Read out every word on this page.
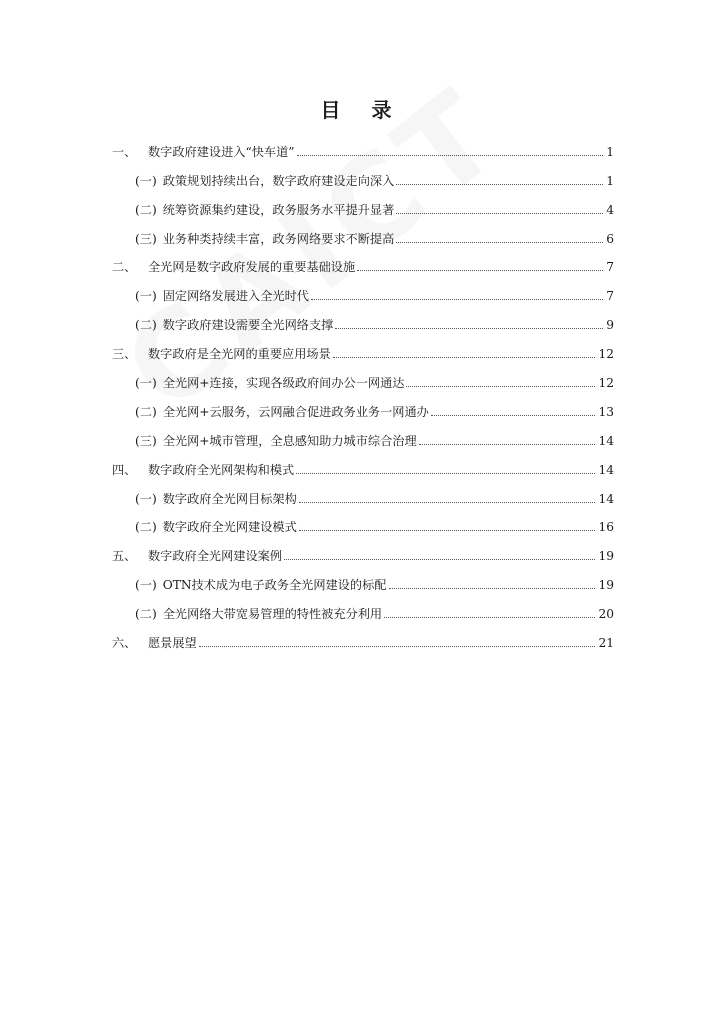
目 录
一、 数字政府建设进入“快车道”	1
(一) 政策规划持续出台，数字政府建设走向深入	1
(二) 统筹资源集约建设，政务服务水平提升显著	4
(三) 业务种类持续丰富，政务网络要求不断提高	6
二、 全光网是数字政府发展的重要基础设施	7
(一) 固定网络发展进入全光时代	7
(二) 数字政府建设需要全光网络支撑	9
三、 数字政府是全光网的重要应用场景	12
(一) 全光网+连接，实现各级政府间办公一网通达	12
(二) 全光网+云服务，云网融合促进政务业务一网通办	13
(三) 全光网+城市管理，全息感知助力城市综合治理	14
四、 数字政府全光网架构和模式	14
(一) 数字政府全光网目标架构	14
(二) 数字政府全光网建设模式	16
五、 数字政府全光网建设案例	19
(一) OTN技术成为电子政务全光网建设的标配	19
(二) 全光网络大带宽易管理的特性被充分利用	20
六、 愿景展望	21
